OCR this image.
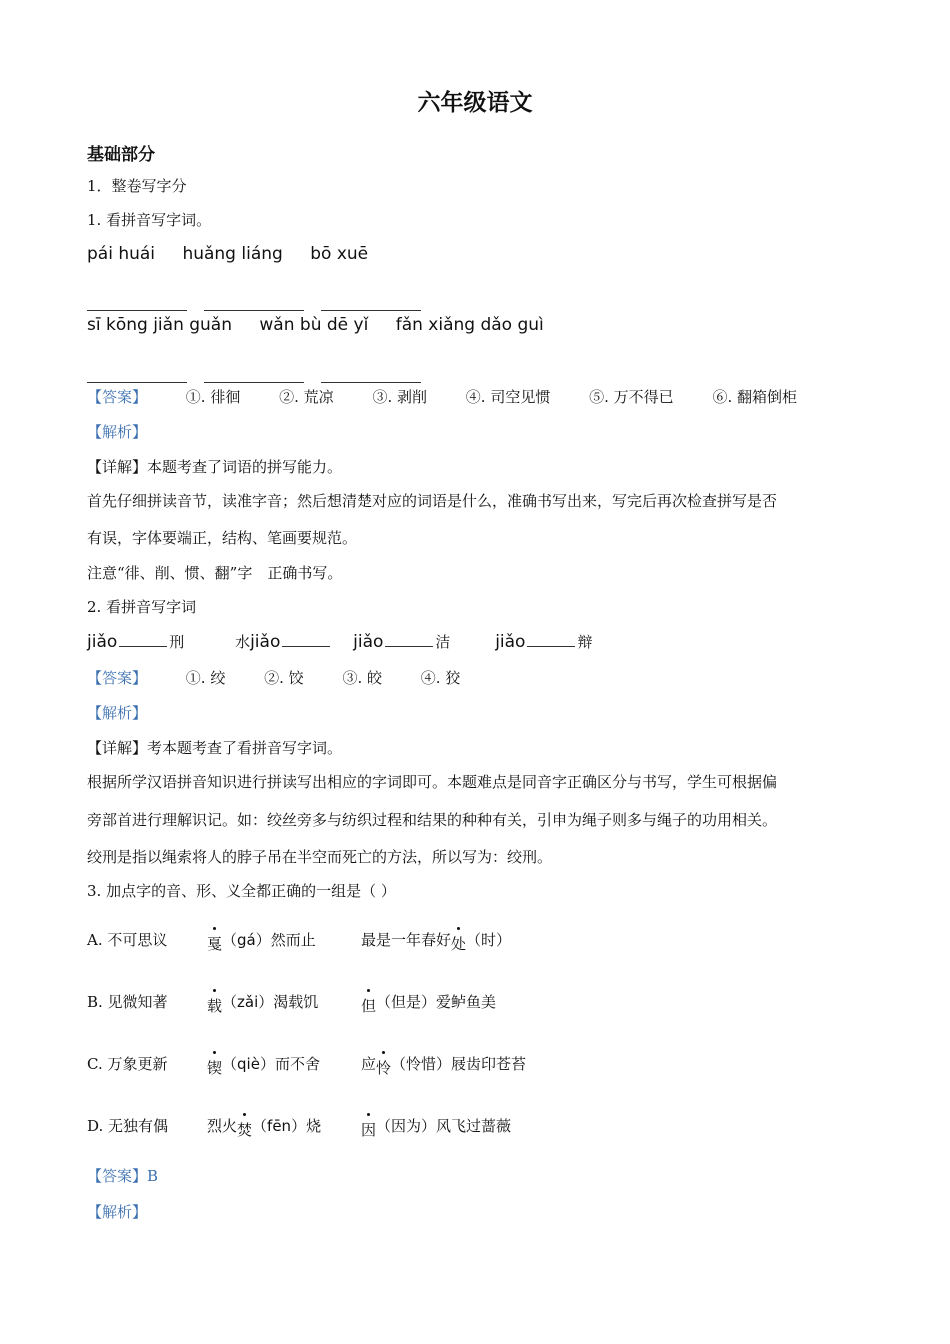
六年级语文
基础部分
1．整卷写字分
1. 看拼音写字词。
pái huái huǎng liáng bō xuē
sī kōng jiǎn guǎn wǎn bù dē yǐ fǎn xiǎng dǎo guì
【答案】	①. 徘徊	②. 荒凉	③. 剥削	④. 司空见惯	⑤. 万不得已	⑥. 翻箱倒柜
【解析】
【详解】本题考查了词语的拼写能力。
首先仔细拼读音节，读准字音；然后想清楚对应的词语是什么，准确书写出来，写完后再次检查拼写是否
有误，字体要端正，结构、笔画要规范。
注意“徘、削、惯、翻”字　正确书写。
2. 看拼音写字词
jiǎo	刑	水jiǎo	jiǎo	洁	jiǎo	辩
【答案】	①. 绞	②. 饺	③. 皎	④. 狡
【解析】
【详解】考本题考查了看拼音写字词。
根据所学汉语拼音知识进行拼读写出相应的字词即可。本题难点是同音字正确区分与书写，学生可根据偏
旁部首进行理解识记。如：绞丝旁多与纺织过程和结果的种种有关，引申为绳子则多与绳子的功用相关。
绞刑是指以绳索将人的脖子吊在半空而死亡的方法，所以写为：绞刑。
3. 加点字的音、形、义全都正确的一组是（ ）
A. 不可思议	戛（gá）然而止	最是一年春好处（时）
B. 见微知著	载（zǎi）渴载饥	但（但是）爱鲈鱼美
C. 万象更新	锲（qiè）而不舍	应怜（怜惜）屐齿印苍苔
D. 无独有偶	烈火焚（fēn）烧	因（因为）风飞过蔷薇
【答案】B
【解析】
